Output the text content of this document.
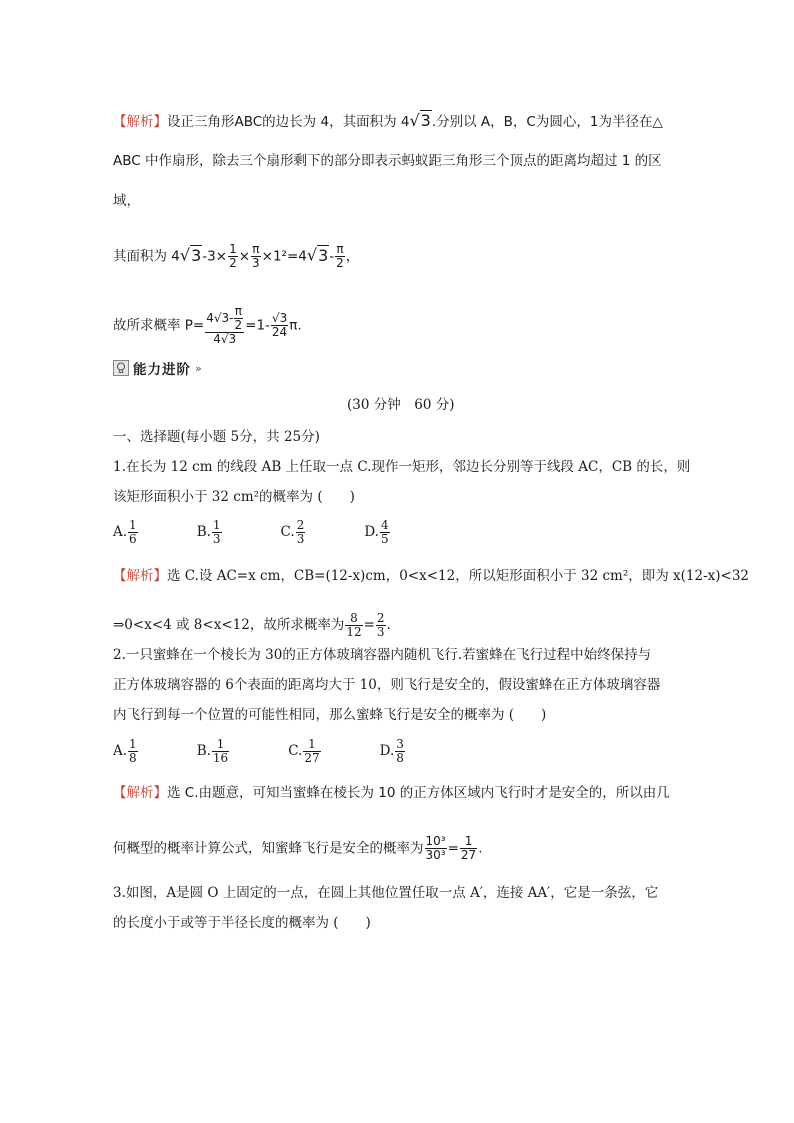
【解析】设正三角形ABC的边长为 4，其面积为 4√3.分别以 A，B，C为圆心，1为半径在△
ABC 中作扇形，除去三个扇形剩下的部分即表示蚂蚁距三角形三个顶点的距离均超过 1 的区
域，
其面积为 $4√3-3\times \frac{1}{2} \times \frac{\pi}{3} \times 1^2=4√3- \frac{\pi}{2}$ ，
故所求概率 $P= \frac{4√3- \frac{\pi}{2}}{4√3} =1- \frac{√3}{24} \pi$.
能力进阶 »
(30 分钟　60 分)
一、选择题(每小题 5分，共 25分)
1.在长为 12 cm 的线段 AB 上任取一点 C.现作一矩形，邻边长分别等于线段 AC，CB 的长，则
该矩形面积小于 32 cm²的概率为 (　　)
A. $\frac{1}{6}$	B. $\frac{1}{3}$	C. $\frac{2}{3}$	D. $\frac{4}{5}$
【解析】选 C.设 AC=x cm，CB=(12-x)cm，0<x<12，所以矩形面积小于 32 cm²，即为 x(12-x)<32
⇒0<x<4 或 8<x<12，故所求概率为 $\frac{8}{12} = \frac{2}{3}$ .
2.一只蜜蜂在一个棱长为 30的正方体玻璃容器内随机飞行.若蜜蜂在飞行过程中始终保持与
正方体玻璃容器的 6个表面的距离均大于 10，则飞行是安全的，假设蜜蜂在正方体玻璃容器
内飞行到每一个位置的可能性相同，那么蜜蜂飞行是安全的概率为 (　　)
A. $\frac{1}{8}$	B. $\frac{1}{16}$	C. $\frac{1}{27}$	D. $\frac{3}{8}$
【解析】选 C.由题意，可知当蜜蜂在棱长为 10 的正方体区域内飞行时才是安全的，所以由几
何概型的概率计算公式，知蜜蜂飞行是安全的概率为 $\frac{\text{10³}}{\text{30³}} = \frac{1}{27}$ .
3.如图，A是圆 O 上固定的一点，在圆上其他位置任取一点 A′，连接 AA′，它是一条弦，它
的长度小于或等于半径长度的概率为 (　　)
